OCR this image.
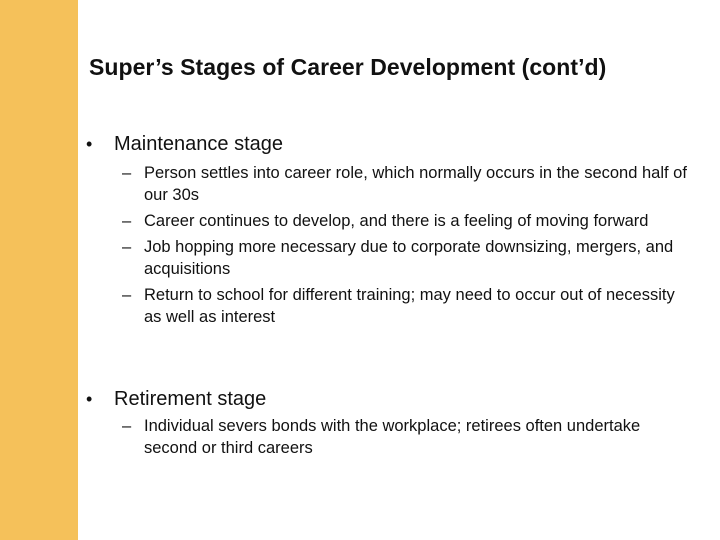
Super’s Stages of Career Development (cont’d)
• Maintenance stage

– Person settles into career role, which normally occurs in the second half of our 30s

– Career continues to develop, and there is a feeling of moving forward

– Job hopping more necessary due to corporate downsizing, mergers, and acquisitions

– Return to school for different training; may need to occur out of necessity as well as interest

• Retirement stage

– Individual severs bonds with the workplace; retirees often undertake second or third careers
